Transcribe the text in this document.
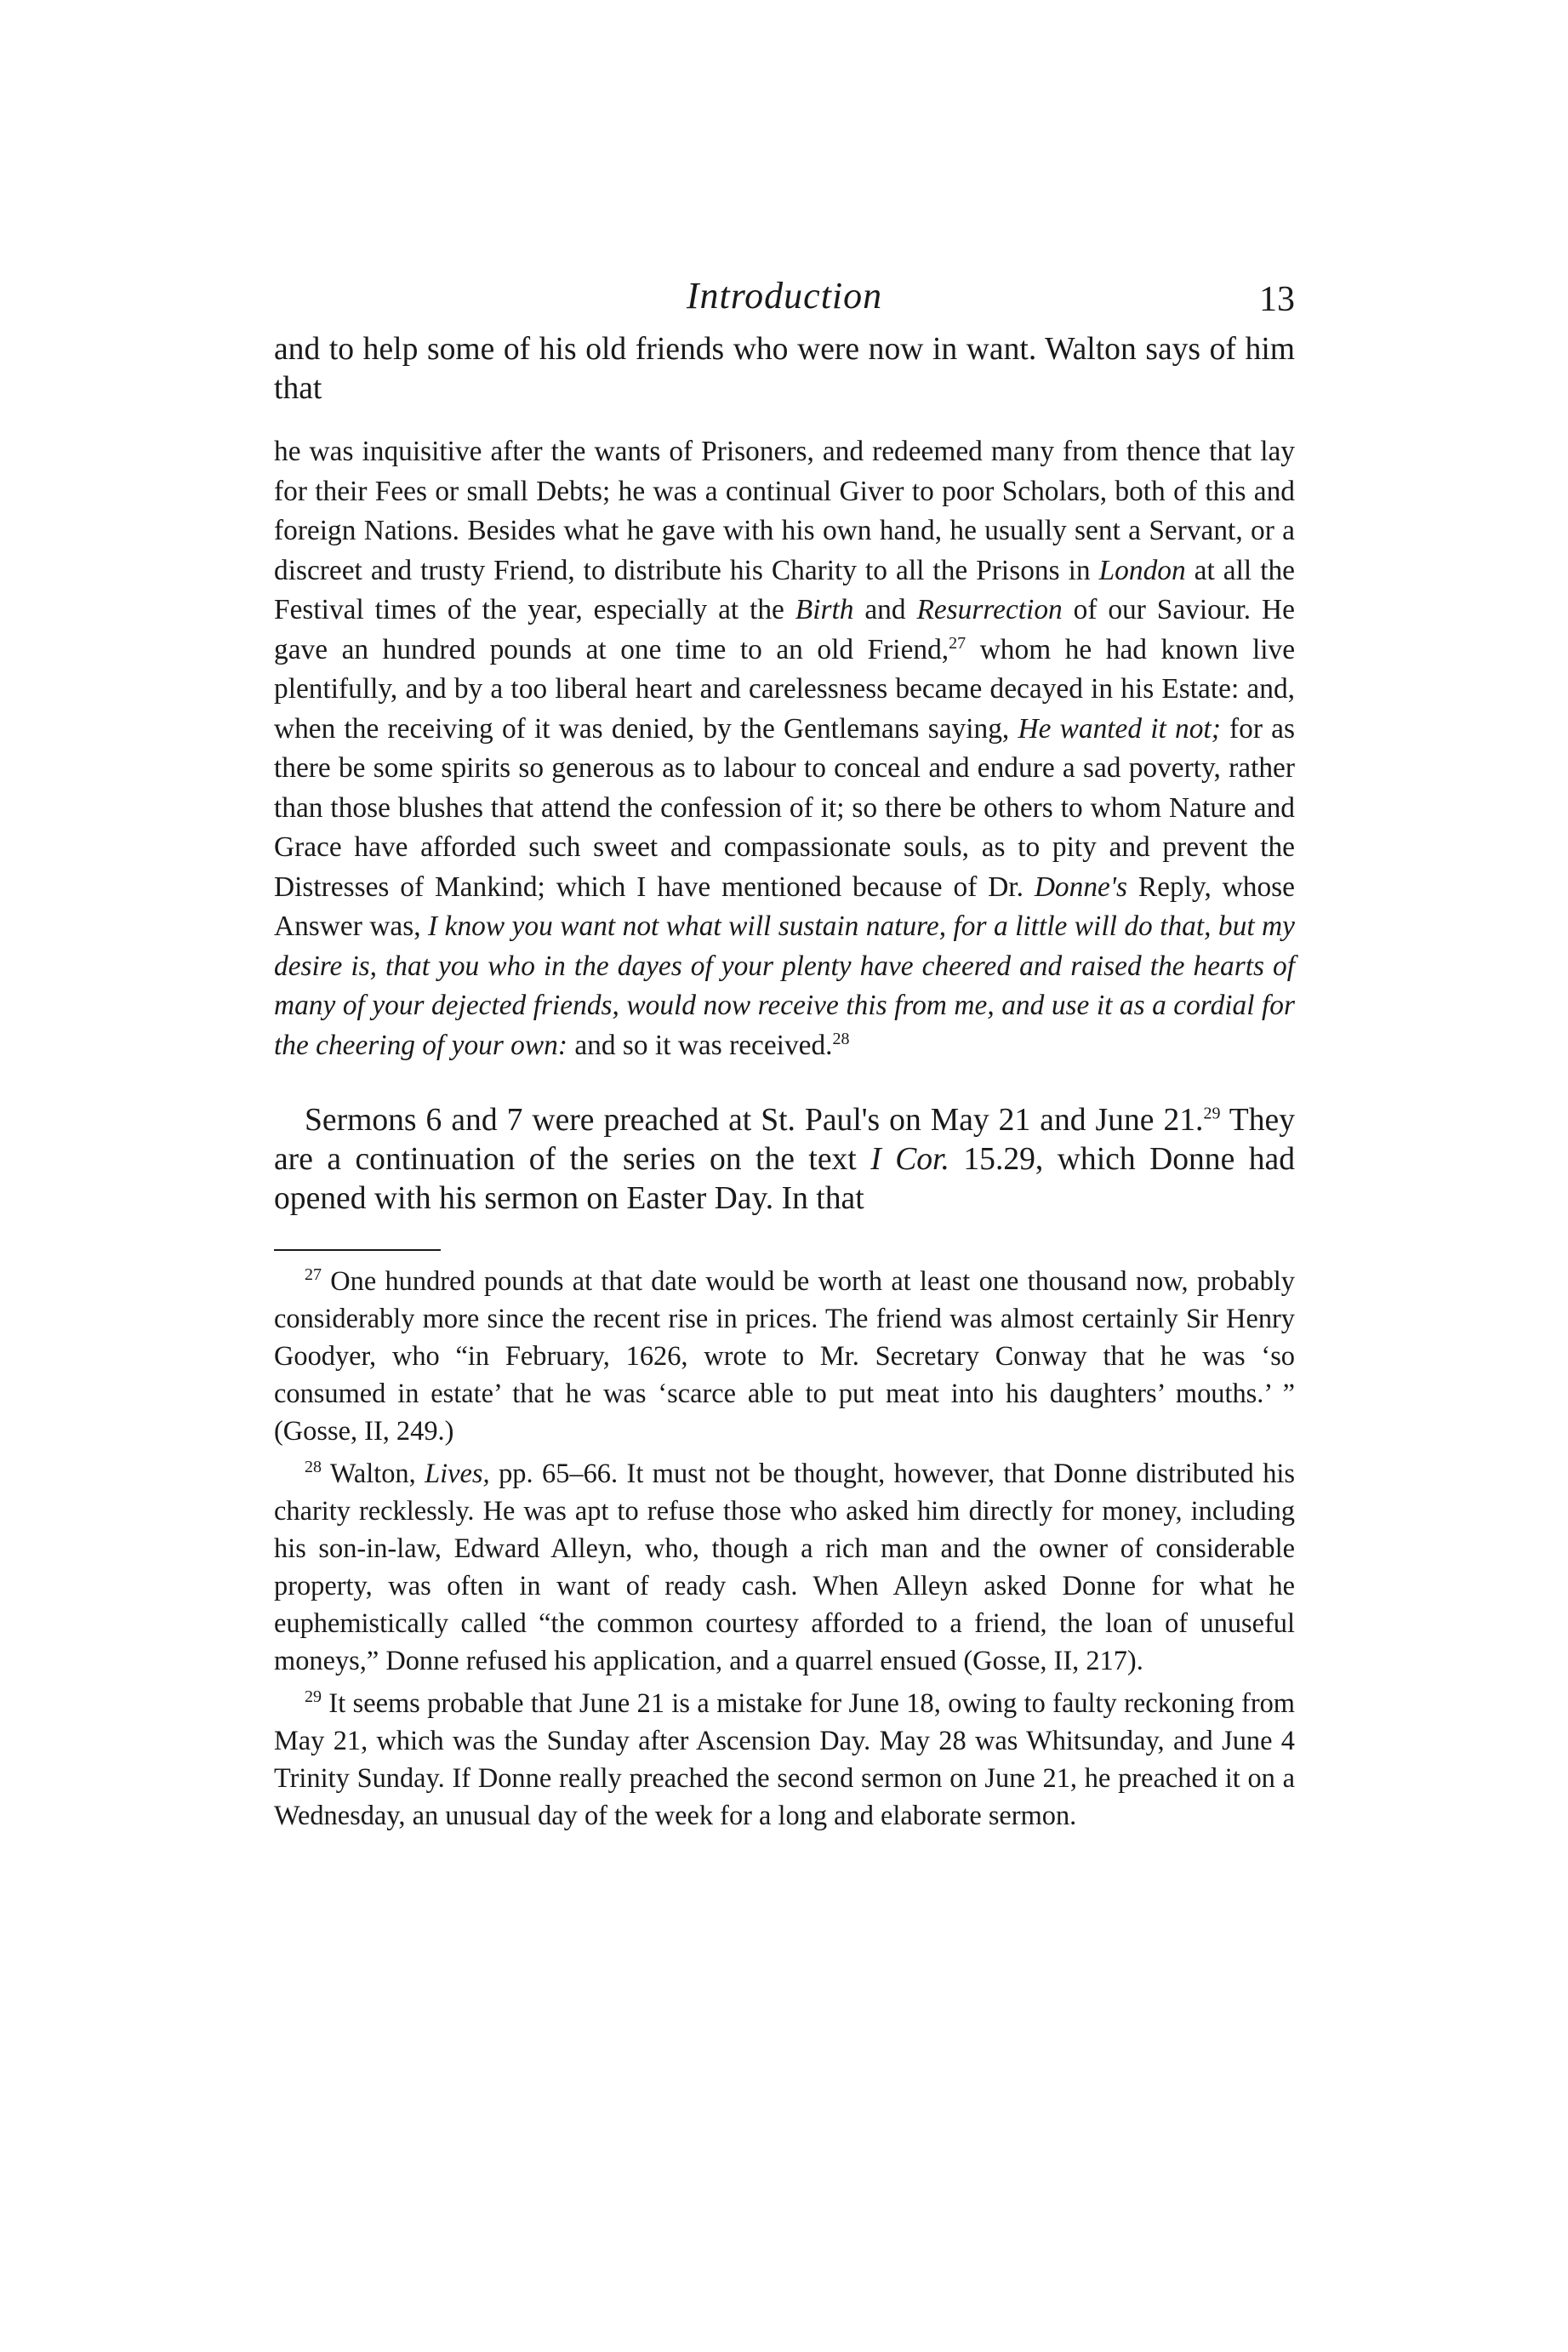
Introduction	13

and to help some of his old friends who were now in want. Walton says of him that

he was inquisitive after the wants of Prisoners, and redeemed many from thence that lay for their Fees or small Debts; he was a continual Giver to poor Scholars, both of this and foreign Nations. Besides what he gave with his own hand, he usually sent a Servant, or a discreet and trusty Friend, to distribute his Charity to all the Prisons in London at all the Festival times of the year, especially at the Birth and Resurrection of our Saviour. He gave an hundred pounds at one time to an old Friend,$^{27}$ whom he had known live plentifully, and by a too liberal heart and carelessness became decayed in his Estate: and, when the receiving of it was denied, by the Gentlemans saying, He wanted it not; for as there be some spirits so generous as to labour to conceal and endure a sad poverty, rather than those blushes that attend the confession of it; so there be others to whom Nature and Grace have afforded such sweet and compassionate souls, as to pity and prevent the Distresses of Mankind; which I have mentioned because of Dr. Donne's Reply, whose Answer was, I know you want not what will sustain nature, for a little will do that, but my desire is, that you who in the dayes of your plenty have cheered and raised the hearts of many of your dejected friends, would now receive this from me, and use it as a cordial for the cheering of your own: and so it was received.$^{28}$

Sermons 6 and 7 were preached at St. Paul's on May 21 and June 21.29 They are a continuation of the series on the text I Cor. 15.29, which Donne had opened with his sermon on Easter Day. In that

$^{27}$ One hundred pounds at that date would be worth at least one thousand now, probably considerably more since the recent rise in prices. The friend was almost certainly Sir Henry Goodyer, who “in February, 1626, wrote to Mr. Secretary Conway that he was ‘so consumed in estate’ that he was ‘scarce able to put meat into his daughters’ mouths.’ ” (Gosse, II, 249.)

$^{28}$ Walton, Lives, pp. 65–66. It must not be thought, however, that Donne distributed his charity recklessly. He was apt to refuse those who asked him directly for money, including his son-in-law, Edward Alleyn, who, though a rich man and the owner of considerable property, was often in want of ready cash. When Alleyn asked Donne for what he euphemistically called “the common courtesy afforded to a friend, the loan of unuseful moneys,” Donne refused his application, and a quarrel ensued (Gosse, II, 217).

$^{29}$ It seems probable that June 21 is a mistake for June 18, owing to faulty reckoning from May 21, which was the Sunday after Ascension Day. May 28 was Whitsunday, and June 4 Trinity Sunday. If Donne really preached the second sermon on June 21, he preached it on a Wednesday, an unusual day of the week for a long and elaborate sermon.
